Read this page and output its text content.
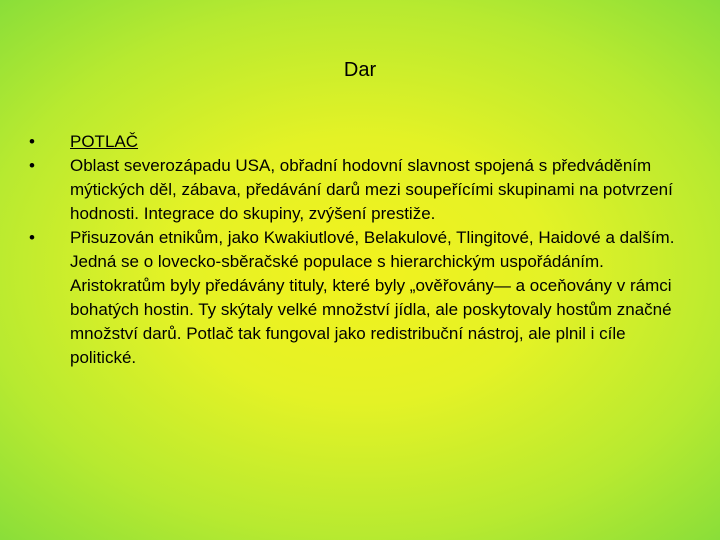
Dar
• POTLAČ
• Oblast severozápadu USA, obřadní hodovní slavnost spojená s předváděním mýtických děl, zábava, předávání darů mezi soupeřícími skupinami na potvrzení hodnosti. Integrace do skupiny, zvýšení prestiže.
• Přisuzován etnikům, jako Kwakiutlové, Belakulové, Tlingitové, Haidové a dalším. Jedná se o lovecko-sběračské populace s hierarchickým uspořádáním. Aristokratům byly předávány tituly, které byly „ověřovány— a oceňovány v rámci bohatých hostin. Ty skýtaly velké množství jídla, ale poskytovaly hostům značné množství darů. Potlač tak fungoval jako redistribuční nástroj, ale plnil i cíle politické.
